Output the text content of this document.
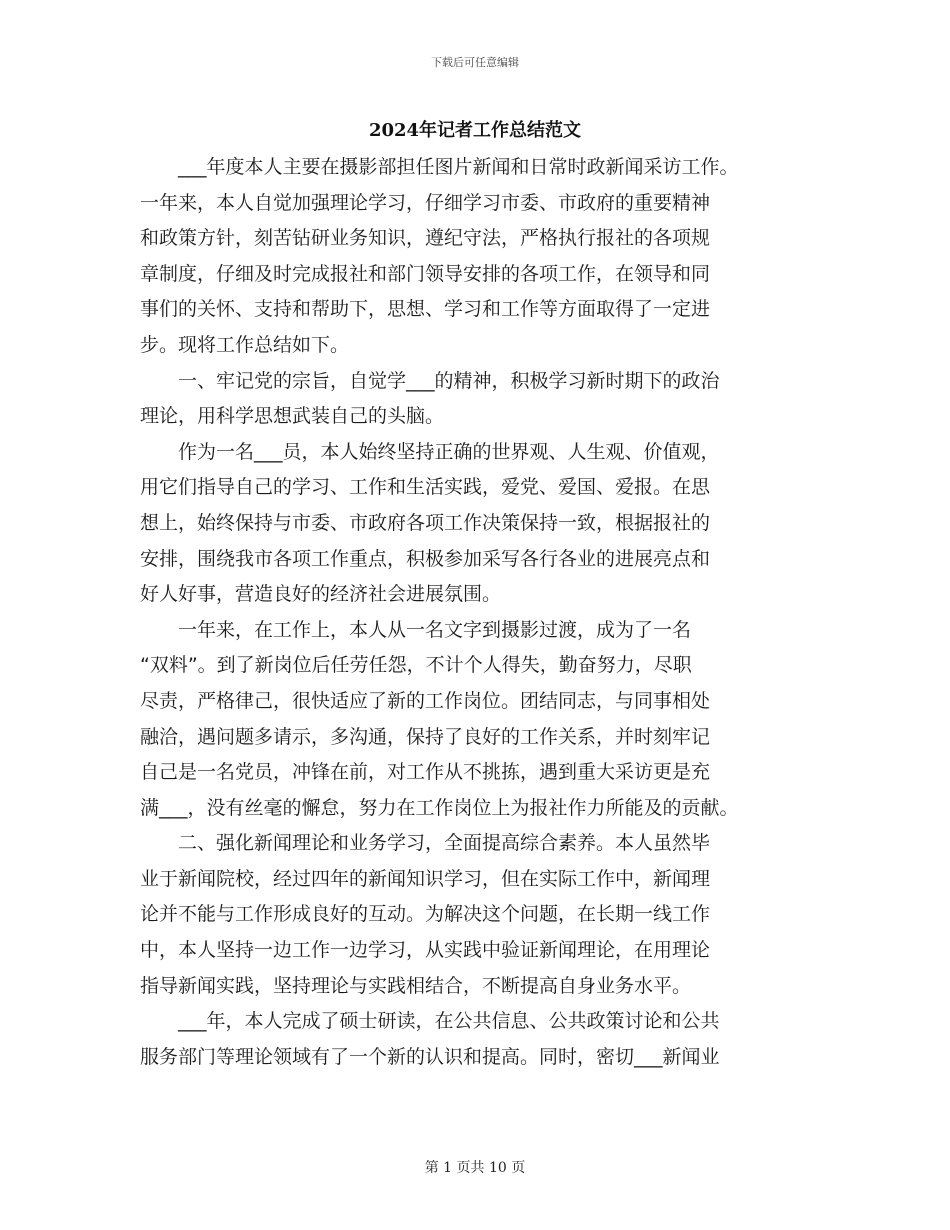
下载后可任意编辑
2024年记者工作总结范文
　　___年度本人主要在摄影部担任图片新闻和日常时政新闻采访工作。
一年来，本人自觉加强理论学习，仔细学习市委、市政府的重要精神
和政策方针，刻苦钻研业务知识，遵纪守法，严格执行报社的各项规
章制度，仔细及时完成报社和部门领导安排的各项工作，在领导和同
事们的关怀、支持和帮助下，思想、学习和工作等方面取得了一定进
步。现将工作总结如下。
　　一、牢记党的宗旨，自觉学___的精神，积极学习新时期下的政治
理论，用科学思想武装自己的头脑。
　　作为一名___员，本人始终坚持正确的世界观、人生观、价值观，
用它们指导自己的学习、工作和生活实践，爱党、爱国、爱报。在思
想上，始终保持与市委、市政府各项工作决策保持一致，根据报社的
安排，围绕我市各项工作重点，积极参加采写各行各业的进展亮点和
好人好事，营造良好的经济社会进展氛围。
　　一年来，在工作上，本人从一名文字到摄影过渡，成为了一名
“双料”。到了新岗位后任劳任怨，不计个人得失，勤奋努力，尽职
尽责，严格律己，很快适应了新的工作岗位。团结同志，与同事相处
融洽，遇问题多请示，多沟通，保持了良好的工作关系，并时刻牢记
自己是一名党员，冲锋在前，对工作从不挑拣，遇到重大采访更是充
满___，没有丝毫的懈怠，努力在工作岗位上为报社作力所能及的贡献。
　　二、强化新闻理论和业务学习，全面提高综合素养。本人虽然毕
业于新闻院校，经过四年的新闻知识学习，但在实际工作中，新闻理
论并不能与工作形成良好的互动。为解决这个问题，在长期一线工作
中，本人坚持一边工作一边学习，从实践中验证新闻理论，在用理论
指导新闻实践，坚持理论与实践相结合，不断提高自身业务水平。
　　___年，本人完成了硕士研读，在公共信息、公共政策讨论和公共
服务部门等理论领域有了一个新的认识和提高。同时，密切___新闻业
第 1 页共 10 页
